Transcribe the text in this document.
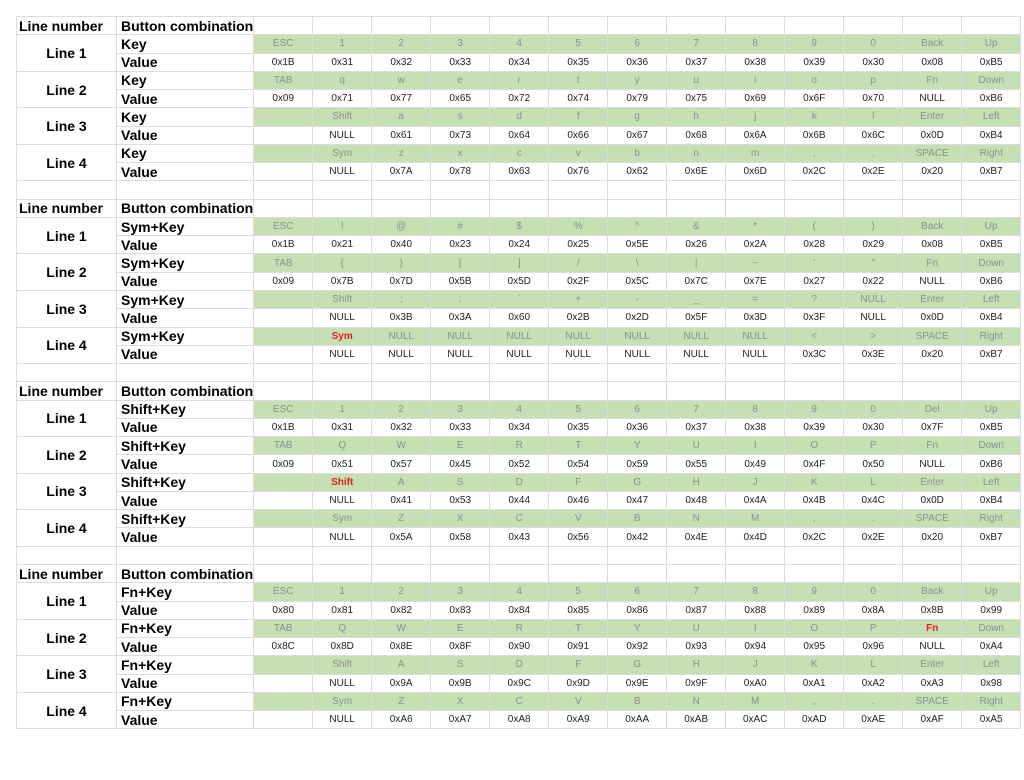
Line number	Button combination													
Line 1	Key	ESC	1	2	3	4	5	6	7	8	9	0	Back	Up
	Value	0x1B	0x31	0x32	0x33	0x34	0x35	0x36	0x37	0x38	0x39	0x30	0x08	0xB5
Line 2	Key	TAB	q	w	e	r	t	y	u	i	o	p	Fn	Down
	Value	0x09	0x71	0x77	0x65	0x72	0x74	0x79	0x75	0x69	0x6F	0x70	NULL	0xB6
Line 3	Key		Shift	a	s	d	f	g	h	j	k	l	Enter	Left
	Value		NULL	0x61	0x73	0x64	0x66	0x67	0x68	0x6A	0x6B	0x6C	0x0D	0xB4
Line 4	Key		Sym	z	x	c	v	b	n	m	,	.	SPACE	Right
	Value		NULL	0x7A	0x78	0x63	0x76	0x62	0x6E	0x6D	0x2C	0x2E	0x20	0xB7

Line number	Button combination													
Line 1	Sym+Key	ESC	!	@	#	$	%	^	&	*	(	)	Back	Up
	Value	0x1B	0x21	0x40	0x23	0x24	0x25	0x5E	0x26	0x2A	0x28	0x29	0x08	0xB5
Line 2	Sym+Key	TAB	{	}	[	]	/	\	|	~	'	"	Fn	Down
	Value	0x09	0x7B	0x7D	0x5B	0x5D	0x2F	0x5C	0x7C	0x7E	0x27	0x22	NULL	0xB6
Line 3	Sym+Key		Shift	;	:	`	+	-	_	=	?	NULL	Enter	Left
	Value		NULL	0x3B	0x3A	0x60	0x2B	0x2D	0x5F	0x3D	0x3F	NULL	0x0D	0xB4
Line 4	Sym+Key		Sym	NULL	NULL	NULL	NULL	NULL	NULL	NULL	<	>	SPACE	Right
	Value		NULL	NULL	NULL	NULL	NULL	NULL	NULL	NULL	0x3C	0x3E	0x20	0xB7

Line number	Button combination													
Line 1	Shift+Key	ESC	1	2	3	4	5	6	7	8	9	0	Del	Up
	Value	0x1B	0x31	0x32	0x33	0x34	0x35	0x36	0x37	0x38	0x39	0x30	0x7F	0xB5
Line 2	Shift+Key	TAB	Q	W	E	R	T	Y	U	I	O	P	Fn	Down
	Value	0x09	0x51	0x57	0x45	0x52	0x54	0x59	0x55	0x49	0x4F	0x50	NULL	0xB6
Line 3	Shift+Key		Shift	A	S	D	F	G	H	J	K	L	Enter	Left
	Value		NULL	0x41	0x53	0x44	0x46	0x47	0x48	0x4A	0x4B	0x4C	0x0D	0xB4
Line 4	Shift+Key		Sym	Z	X	C	V	B	N	M	,	.	SPACE	Right
	Value		NULL	0x5A	0x58	0x43	0x56	0x42	0x4E	0x4D	0x2C	0x2E	0x20	0xB7

Line number	Button combination													
Line 1	Fn+Key	ESC	1	2	3	4	5	6	7	8	9	0	Back	Up
	Value	0x80	0x81	0x82	0x83	0x84	0x85	0x86	0x87	0x88	0x89	0x8A	0x8B	0x99
Line 2	Fn+Key	TAB	Q	W	E	R	T	Y	U	I	O	P	Fn	Down
	Value	0x8C	0x8D	0x8E	0x8F	0x90	0x91	0x92	0x93	0x94	0x95	0x96	NULL	0xA4
Line 3	Fn+Key		Shift	A	S	D	F	G	H	J	K	L	Enter	Left
	Value		NULL	0x9A	0x9B	0x9C	0x9D	0x9E	0x9F	0xA0	0xA1	0xA2	0xA3	0x98
Line 4	Fn+Key		Sym	Z	X	C	V	B	N	M	,	.	SPACE	Right
	Value		NULL	0xA6	0xA7	0xA8	0xA9	0xAA	0xAB	0xAC	0xAD	0xAE	0xAF	0xA5
